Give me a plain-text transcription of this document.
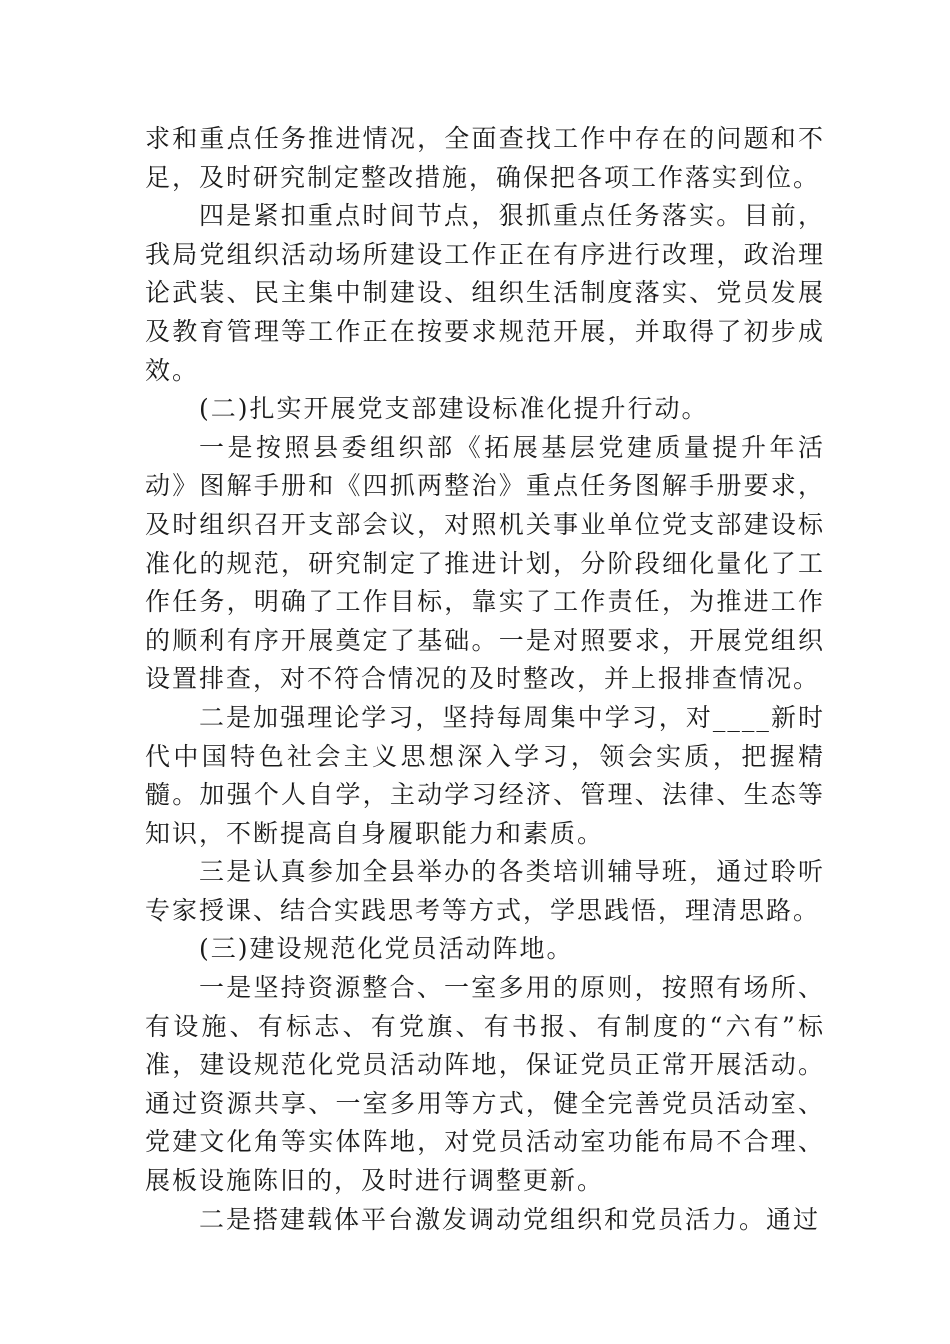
求和重点任务推进情况，全面查找工作中存在的问题和不足，及时研究制定整改措施，确保把各项工作落实到位。

四是紧扣重点时间节点，狠抓重点任务落实。目前，我局党组织活动场所建设工作正在有序进行改理，政治理论武装、民主集中制建设、组织生活制度落实、党员发展及教育管理等工作正在按要求规范开展，并取得了初步成效。

(二)扎实开展党支部建设标准化提升行动。

一是按照县委组织部《拓展基层党建质量提升年活动》图解手册和《四抓两整治》重点任务图解手册要求，及时组织召开支部会议，对照机关事业单位党支部建设标准化的规范，研究制定了推进计划，分阶段细化量化了工作任务，明确了工作目标，靠实了工作责任，为推进工作的顺利有序开展奠定了基础。一是对照要求，开展党组织设置排查，对不符合情况的及时整改，并上报排查情况。

二是加强理论学习，坚持每周集中学习，对____新时代中国特色社会主义思想深入学习，领会实质，把握精髓。加强个人自学，主动学习经济、管理、法律、生态等知识，不断提高自身履职能力和素质。

三是认真参加全县举办的各类培训辅导班，通过聆听专家授课、结合实践思考等方式，学思践悟，理清思路。

(三)建设规范化党员活动阵地。

一是坚持资源整合、一室多用的原则，按照有场所、有设施、有标志、有党旗、有书报、有制度的“六有”标准，建设规范化党员活动阵地，保证党员正常开展活动。通过资源共享、一室多用等方式，健全完善党员活动室、党建文化角等实体阵地，对党员活动室功能布局不合理、展板设施陈旧的，及时进行调整更新。

二是搭建载体平台激发调动党组织和党员活力。通过
